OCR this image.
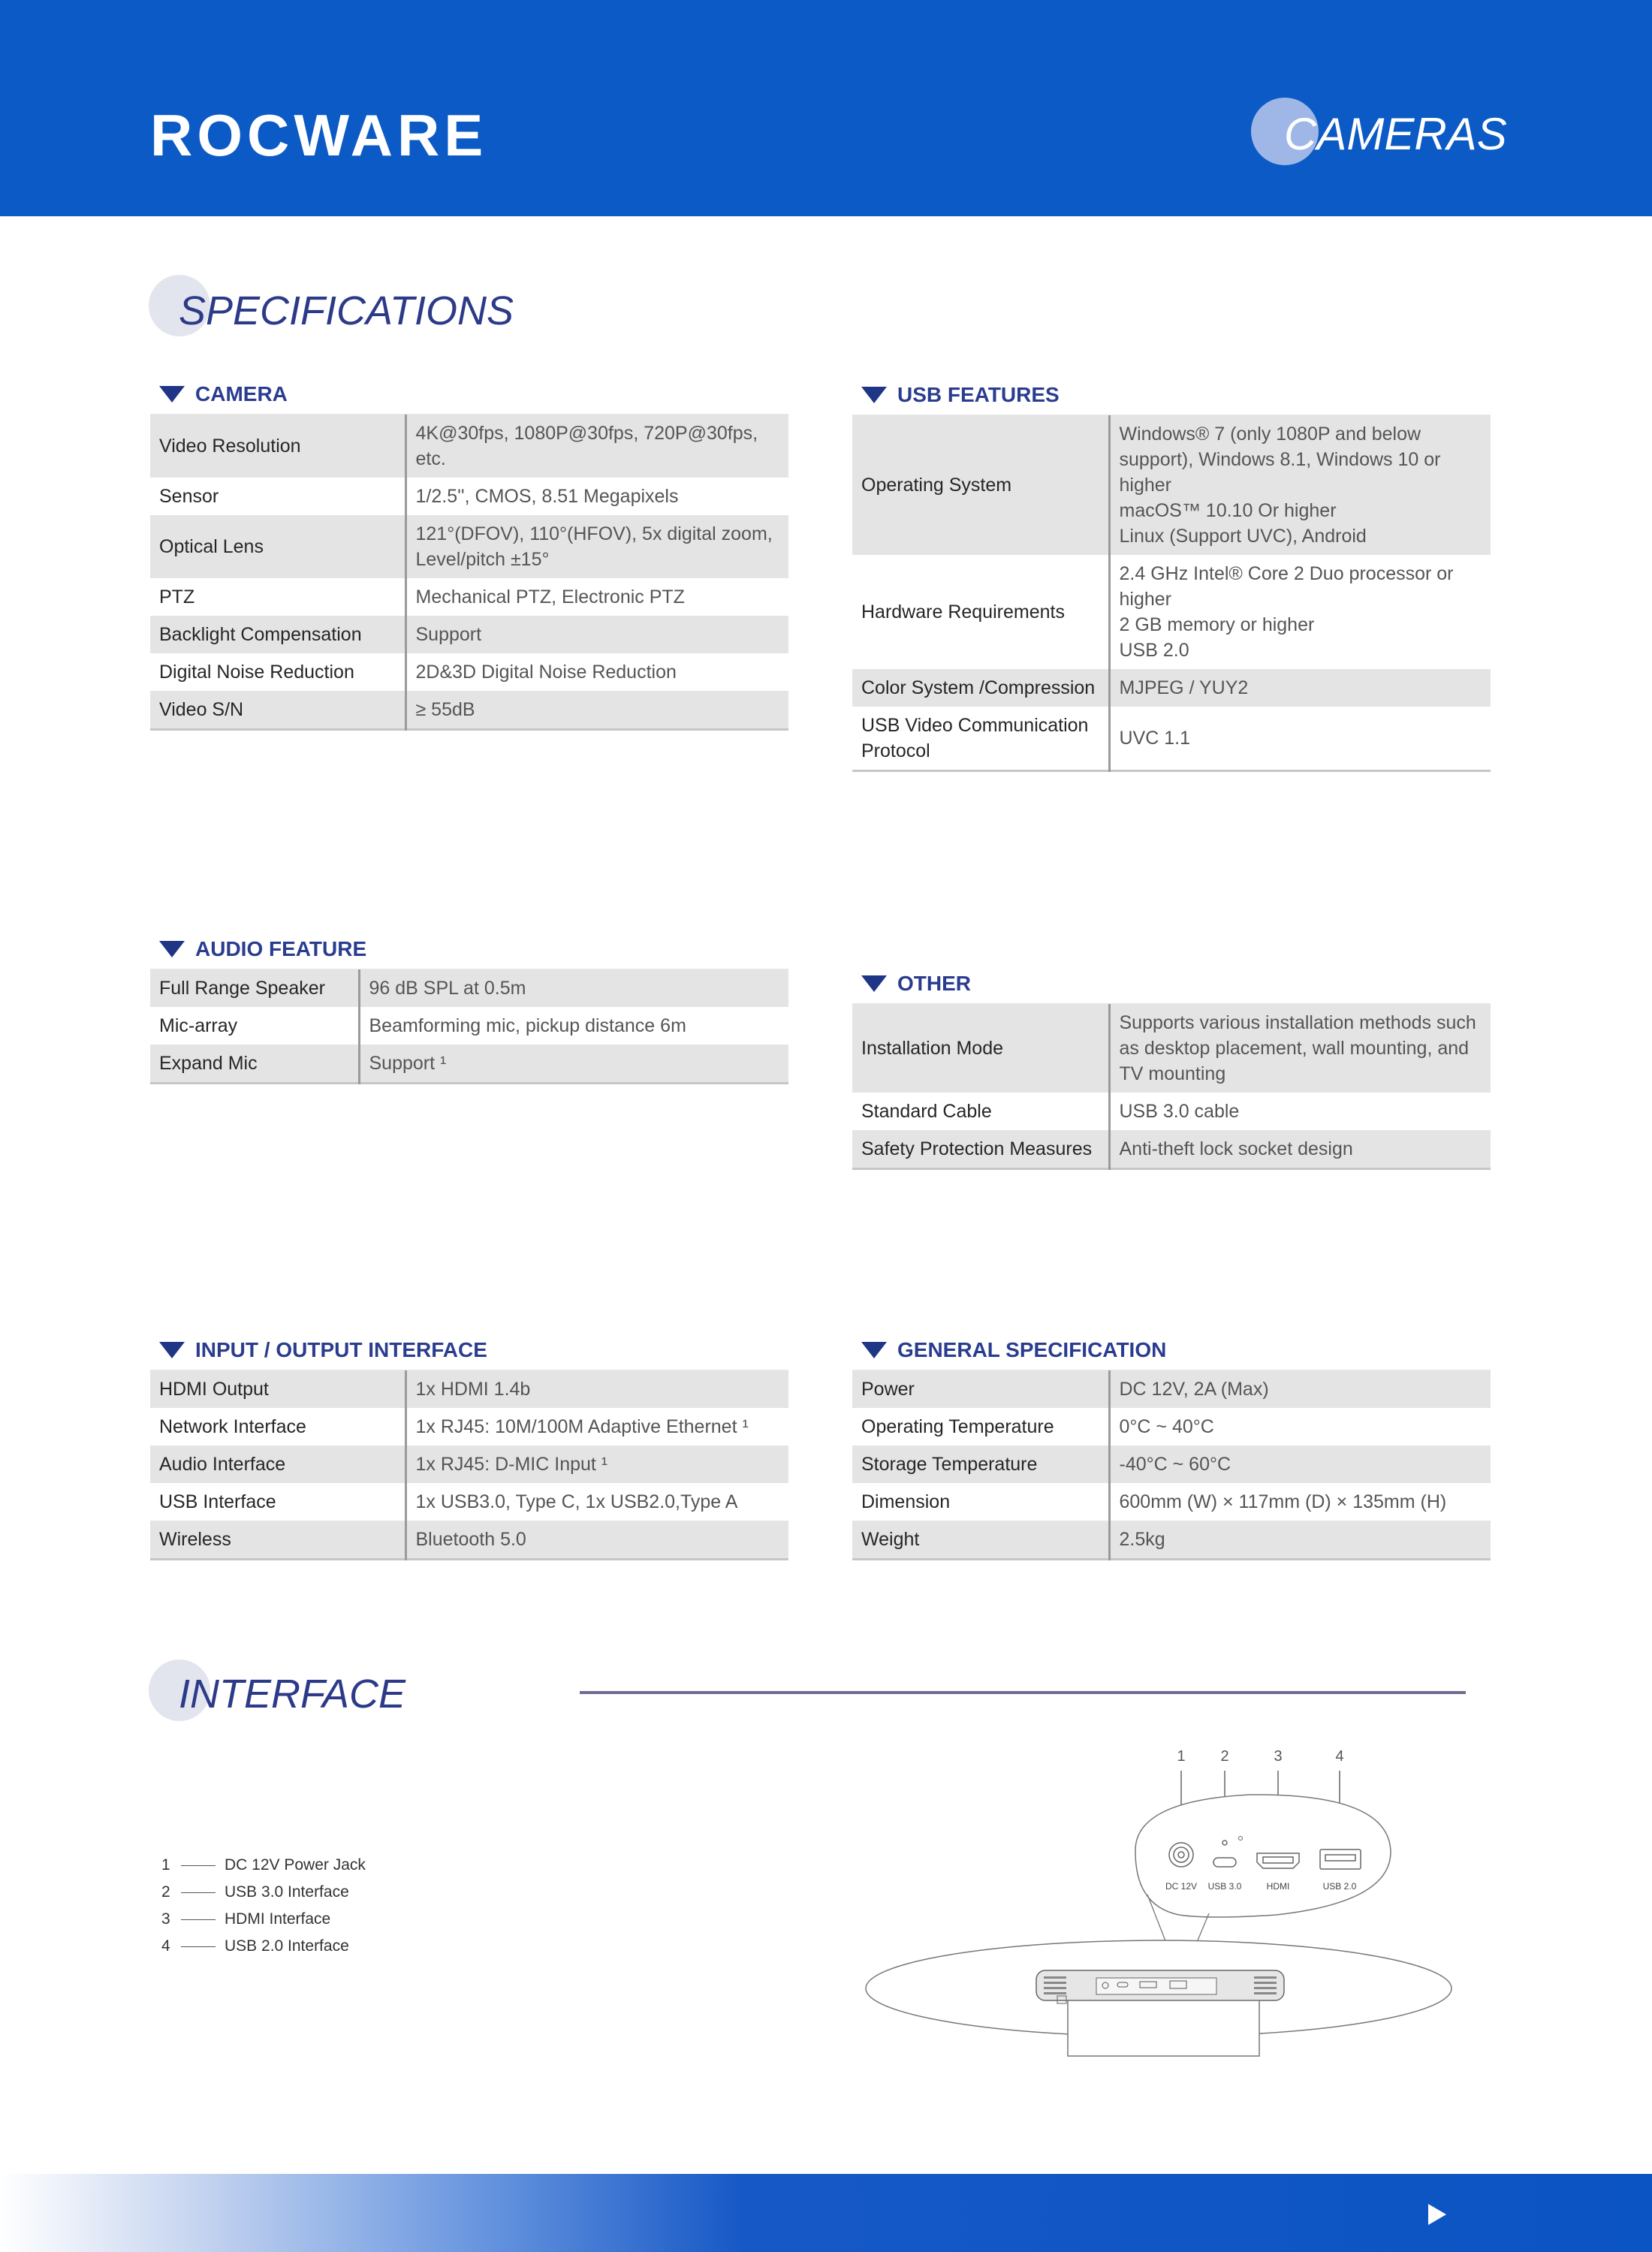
ROCWARE	CAMERAS
SPECIFICATIONS
CAMERA
Video Resolution	4K@30fps, 1080P@30fps, 720P@30fps, etc.
Sensor	1/2.5'', CMOS, 8.51 Megapixels
Optical Lens	121°(DFOV), 110°(HFOV), 5x digital zoom, Level/pitch ±15°
PTZ	Mechanical PTZ, Electronic PTZ
Backlight Compensation	Support
Digital Noise Reduction	2D&3D Digital Noise Reduction
Video S/N	≥ 55dB
USB FEATURES
Operating System	Windows® 7 (only 1080P and below support), Windows 8.1, Windows 10 or higher
macOS™ 10.10 Or higher
Linux (Support UVC), Android
Hardware Requirements	2.4 GHz Intel® Core 2 Duo processor or higher
2 GB memory or higher
USB 2.0
Color System /Compression	MJPEG / YUY2
USB Video Communication Protocol	UVC 1.1
AUDIO FEATURE
Full Range Speaker	96 dB SPL at 0.5m
Mic-array	Beamforming mic, pickup distance 6m
Expand Mic	Support ¹
OTHER
Installation Mode	Supports various installation methods such as desktop placement, wall mounting, and TV mounting
Standard Cable	USB 3.0 cable
Safety Protection Measures	Anti-theft lock socket design
INPUT / OUTPUT INTERFACE
HDMI Output	1x HDMI 1.4b
Network Interface	1x RJ45: 10M/100M Adaptive Ethernet ¹
Audio Interface	1x RJ45: D-MIC Input ¹
USB Interface	1x USB3.0, Type C, 1x USB2.0,Type A
Wireless	Bluetooth 5.0
GENERAL SPECIFICATION
Power	DC 12V, 2A (Max)
Operating Temperature	0°C ~ 40°C
Storage Temperature	-40°C ~ 60°C
Dimension	600mm (W) × 117mm (D) × 135mm (H)
Weight	2.5kg
INTERFACE
1	DC 12V Power Jack
2	USB 3.0 Interface
3	HDMI Interface
4	USB 2.0 Interface
1 2	3	4
DC 12V USB 3.0	HDMI	USB 2.0
